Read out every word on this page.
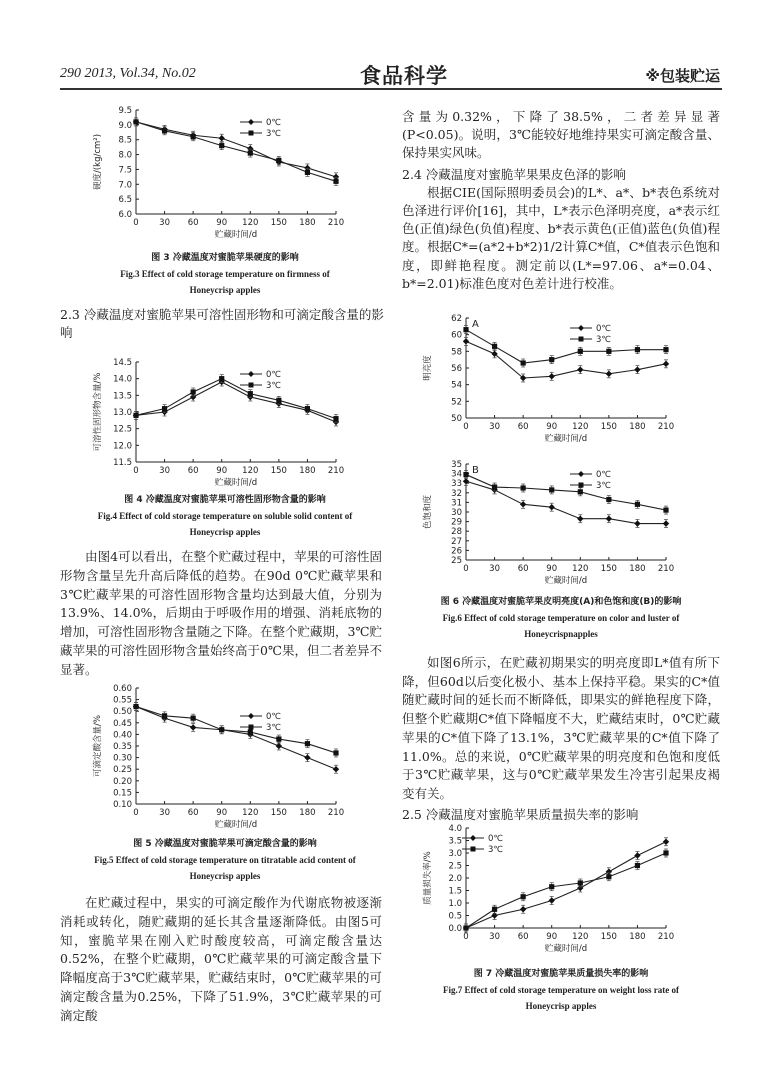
290 2013, Vol.34, No.02	食品科学	※包装贮运
6.0
6.5
7.0
7.5
8.0
8.5
9.0
9.5
0 30 60 90 120 150 180 210
贮藏时间/d
硬度/(kg/cm²)
0℃
3℃
图 3 冷藏温度对蜜脆苹果硬度的影响
Fig.3 Effect of cold storage temperature on firmness of
Honeycrisp apples

2.3 冷藏温度对蜜脆苹果可溶性固形物和可滴定酸含量的影响

11.5
12.0
12.5
13.0
13.5
14.0
14.5
0 30 60 90 120 150 180 210
贮藏时间/d
可溶性固形物含量/%	0℃
3℃
图 4 冷藏温度对蜜脆苹果可溶性固形物含量的影响
Fig.4 Effect of cold storage temperature on soluble solid content of
Honeycrisp apples

由图4可以看出，在整个贮藏过程中，苹果的可溶性固形物含量呈先升高后降低的趋势。在90d 0℃贮藏苹果和3℃贮藏苹果的可溶性固形物含量均达到最大值，分别为13.9%、14.0%，后期由于呼吸作用的增强、消耗底物的增加，可溶性固形物含量随之下降。在整个贮藏期，3℃贮藏苹果的可溶性固形物含量始终高于0℃果，但二者差异不显著。

0.10
0.15
0.20
0.25
0.30
0.35
0.40
0.45
0.50
0.55
0.60
0 30 60 90 120 150 180 210
贮藏时间/d
可滴定酸含量/%	0℃
3℃
图 5 冷藏温度对蜜脆苹果可滴定酸含量的影响
Fig.5 Effect of cold storage temperature on titratable acid content of
Honeycrisp apples

在贮藏过程中，果实的可滴定酸作为代谢底物被逐渐消耗或转化，随贮藏期的延长其含量逐渐降低。由图5可知，蜜脆苹果在刚入贮时酸度较高，可滴定酸含量达0.52%，在整个贮藏期，0℃贮藏苹果的可滴定酸含量下降幅度高于3℃贮藏苹果，贮藏结束时，0℃贮藏苹果的可滴定酸含量为0.25%，下降了51.9%，3℃贮藏苹果的可滴定酸

含量为0.32%，下降了38.5%，二者差异显著(P<0.05)。说明，3℃能较好地维持果实可滴定酸含量、保持果实风味。

2.4 冷藏温度对蜜脆苹果果皮色泽的影响

根据CIE(国际照明委员会)的L*、a*、b*表色系统对色泽进行评价[16]，其中，L*表示色泽明亮度，a*表示红色(正值)绿色(负值)程度、b*表示黄色(正值)蓝色(负值)程度。根据C*=(a*2+b*2)1/2计算C*值，C*值表示色饱和度，即鲜艳程度。测定前以(L*=97.06、a*=0.04、b*=2.01)标准色度对色差计进行校准。

50
52
54
56
58
60
62
0 30 60 90 120 150 180 210
贮藏时间/d
明亮度
A	0℃
3℃
25
26
27
28
29
30
31
32
33
34
35
0 30 60 90 120 150 180 210
贮藏时间/d
色饱和度
B	0℃
3℃
图 6 冷藏温度对蜜脆苹果皮明亮度(A)和色饱和度(B)的影响
Fig.6 Effect of cold storage temperature on color and luster of
Honeycrispnapples

如图6所示，在贮藏初期果实的明亮度即L*值有所下降，但60d以后变化极小、基本上保持平稳。果实的C*值随贮藏时间的延长而不断降低，即果实的鲜艳程度下降，但整个贮藏期C*值下降幅度不大，贮藏结束时，0℃贮藏苹果的C*值下降了13.1%，3℃贮藏苹果的C*值下降了11.0%。总的来说，0℃贮藏苹果的明亮度和色饱和度低于3℃贮藏苹果，这与0℃贮藏苹果发生冷害引起果皮褐变有关。

2.5 冷藏温度对蜜脆苹果质量损失率的影响

0.0
0.5
1.0
1.5
2.0
2.5
3.0
3.5
4.0
0 30 60 90 120 150 180 210
贮藏时间/d
质量损失率/%
0℃
3℃
图 7 冷藏温度对蜜脆苹果质量损失率的影响
Fig.7 Effect of cold storage temperature on weight loss rate of
Honeycrisp apples
